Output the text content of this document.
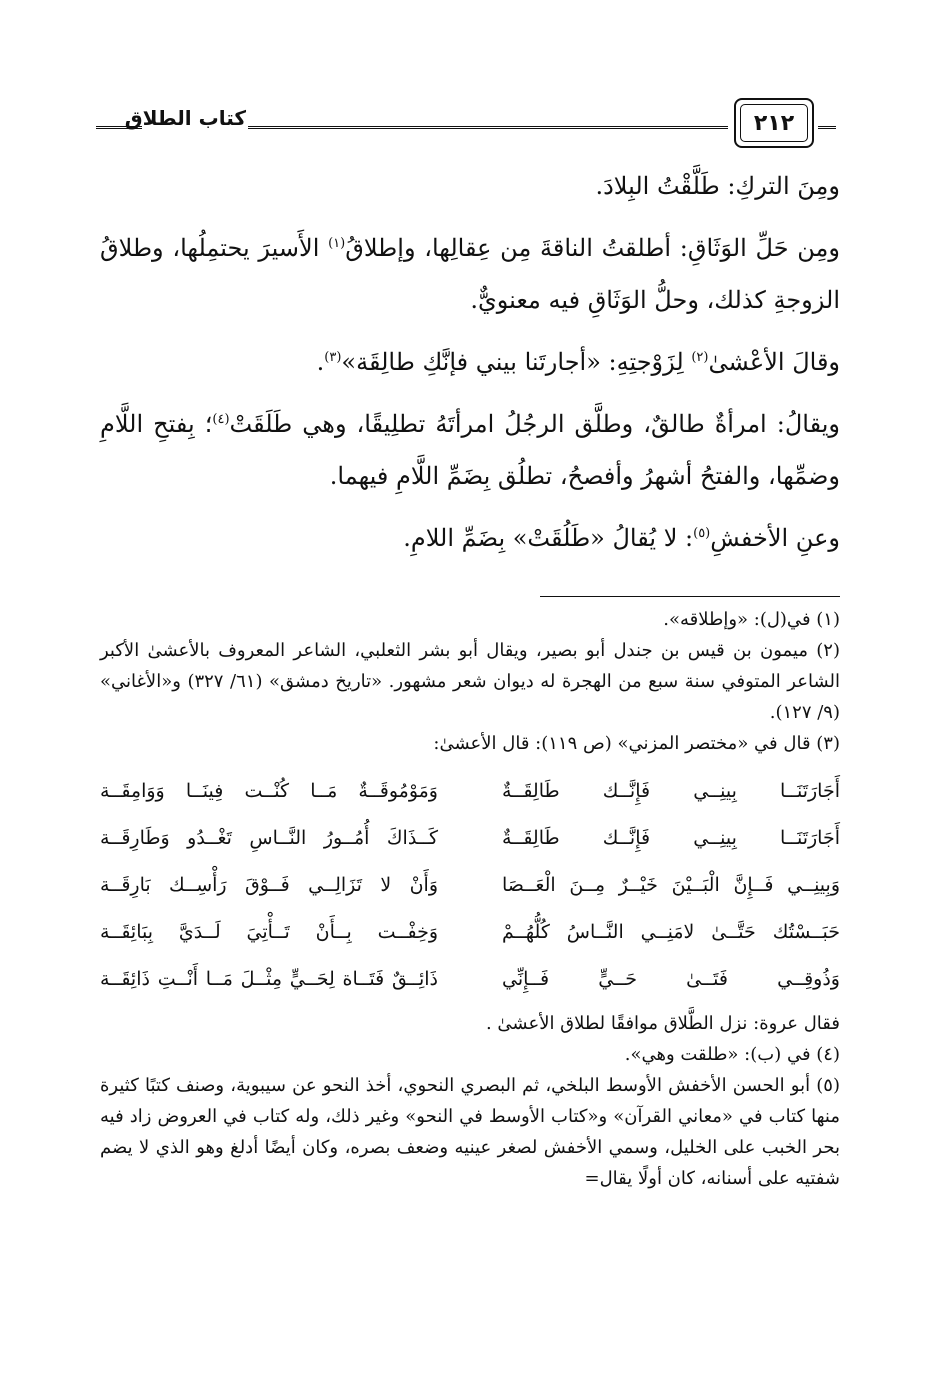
كتاب الطلاق	٢١٢

ومِنَ التركِ: طَلَّقْتُ البِلادَ.

ومِن حَلِّ الوَثَاقِ: أطلقتُ الناقةَ مِن عِقالِها، وإطلاقُ$^{(١)}$ الأَسيرَ يحتمِلُها، وطلاقُ الزوجةِ كذلك، وحلُّ الوَثَاقِ فيه معنويٌّ.

وقالَ الأعْشىٰ$^{(٢)}$ لِزَوْجتِهِ: «أجارتَنا بيني فإنَّكِ طالِقَة»$^{(٣)}$.

ويقالُ: امرأةٌ طالقٌ، وطلَّق الرجُلُ امرأتَهُ تطلِيقًا، وهي طَلَقَتْ$^{(٤)}$؛ بِفتحِ اللَّامِ وضمِّها، والفتحُ أشهرُ وأفصحُ، تطلُق بِضَمِّ اللَّامِ فيهما.

وعنِ الأخفشِ$^{(٥)}$: لا يُقالُ «طَلُقَتْ» بِضَمِّ اللامِ.

(١) في(ل): «وإطلاقه».

(٢) ميمون بن قيس بن جندل أبو بصير، ويقال أبو بشر الثعلبي، الشاعر المعروف بالأعشىٰ الأكبر الشاعر المتوفي سنة سبع من الهجرة له ديوان شعر مشهور. «تاريخ دمشق» (٦١/ ٣٢٧) و«الأغاني» (٩/ ١٢٧).

(٣) قال في «مختصر المزني» (ص ١١٩): قال الأعشىٰ:

أَجَارَتَنَــا بِينِــي فَإِنَّــك طَالِقَــةٌ
وَمَوْمُوقَــةٌ مَــا كُنْــت فِينَــا وَوَامِقَــة
أَجَارَتَنَــا بِينِــي فَإِنَّــك طَالِقَــةٌ
كَــذَاكَ أُمُــورُ النَّــاسِ تَغْــدُو وَطَارِقَــة
وَبِينِــي فَــإِنَّ الْبَــيْنَ خَيْــرٌ مِــنَ الْعَــصَا
وَأَنْ لا تَزَالِــي فَــوْقَ رَأْسِــك بَارِقَــة
حَبَــسْتُك حَتَّــىٰ لامَنِــي النَّــاسُ كُلُّهُــمْ
وَخِفْــت بِــأَنْ تَــأْتِيَ لَــدَيَّ بِبَائِقَــة
وَذُوقِــي فَتَــىٰ حَــيٍّ فَــإِنِّي
ذَائِــقٌ فَتَــاة لِحَــيٍّ مِثْــلَ مَــا أَنْــتِ ذَائِقَــة

فقال عروة: نزل الطَّلاق موافقًا لطلاق الأعشىٰ .

(٤) في (ب): «طلقت وهي».

(٥) أبو الحسن الأخفش الأوسط البلخي، ثم البصري النحوي، أخذ النحو عن سيبوية، وصنف كتبًا كثيرة منها كتاب في «معاني القرآن» و«كتاب الأوسط في النحو» وغير ذلك، وله كتاب في العروض زاد فيه بحر الخبب على الخليل، وسمي الأخفش لصغر عينيه وضعف بصره، وكان أيضًا أدلغ وهو الذي لا يضم شفتيه على أسنانه، كان أولًا يقال=
